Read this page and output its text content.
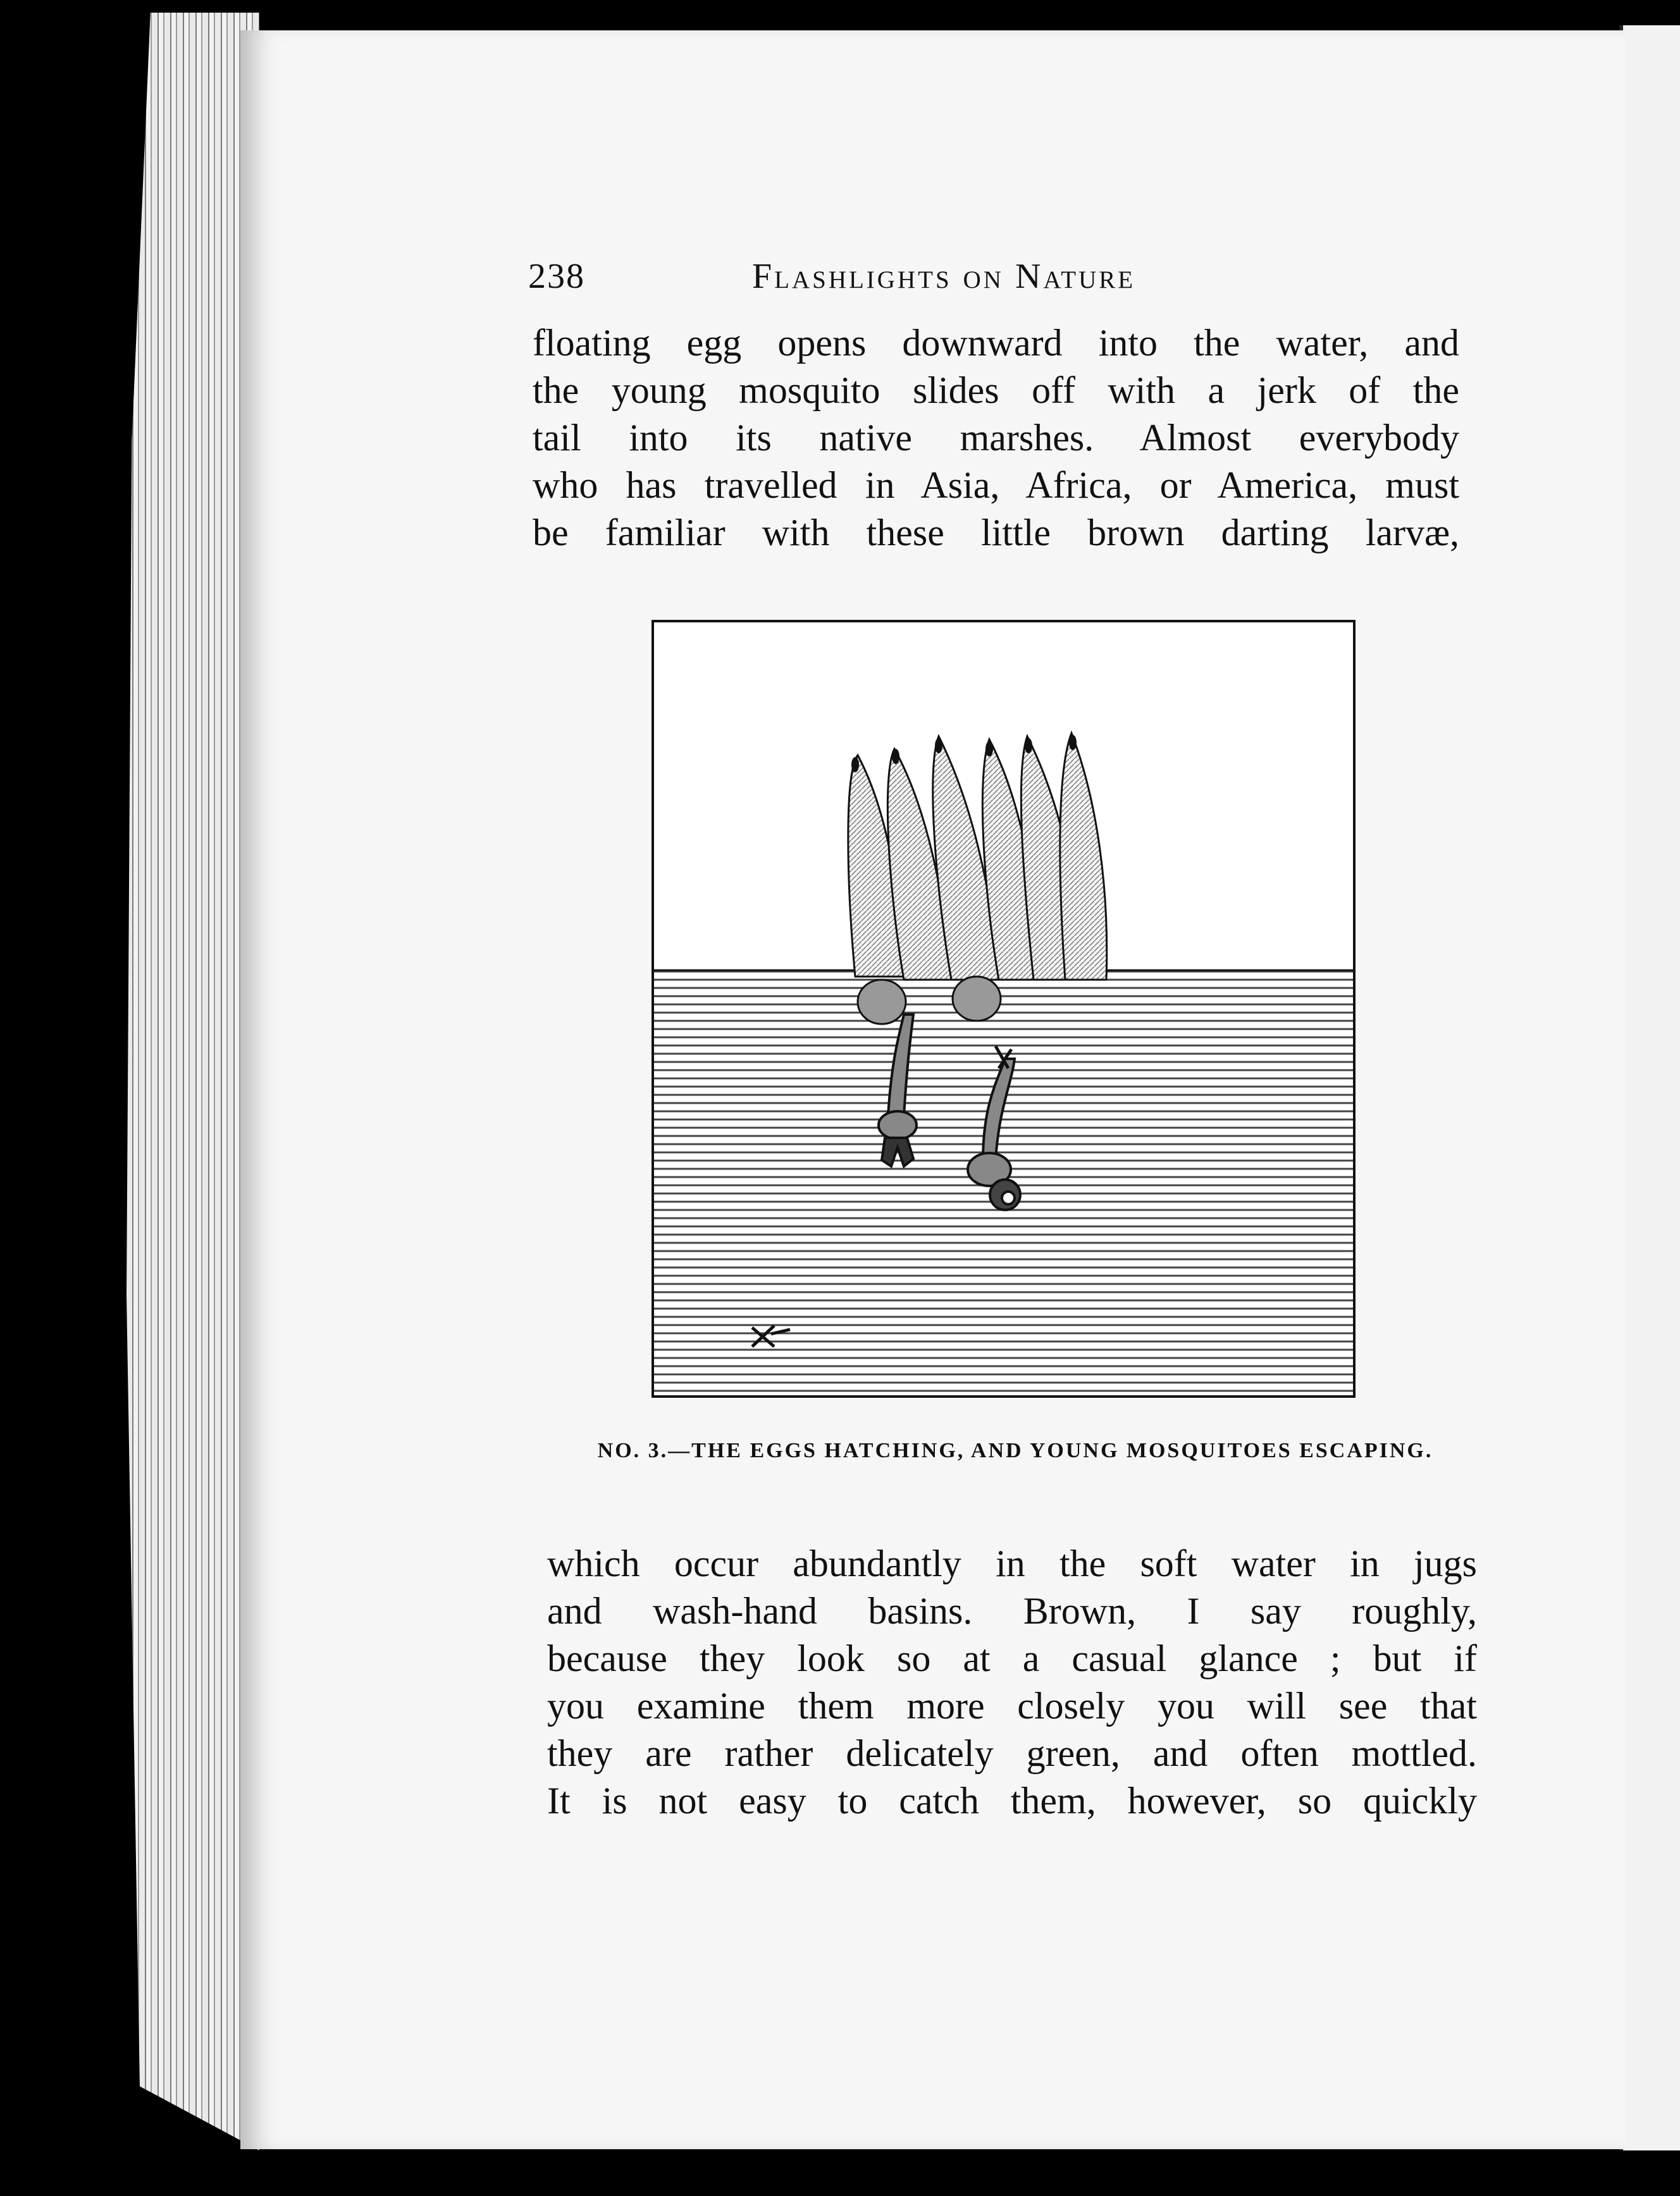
238	Flashlights on Nature

floating egg opens downward into the water, and

the young mosquito slides off with a jerk of the

tail into its native marshes. Almost everybody

who has travelled in Asia, Africa, or America, must

be familiar with these little brown darting larvæ,

NO. 3.—THE EGGS HATCHING, AND YOUNG MOSQUITOES ESCAPING.

which occur abundantly in the soft water in jugs

and wash-hand basins. Brown, I say roughly,

because they look so at a casual glance ; but if

you examine them more closely you will see that

they are rather delicately green, and often mottled.

It is not easy to catch them, however, so quickly
